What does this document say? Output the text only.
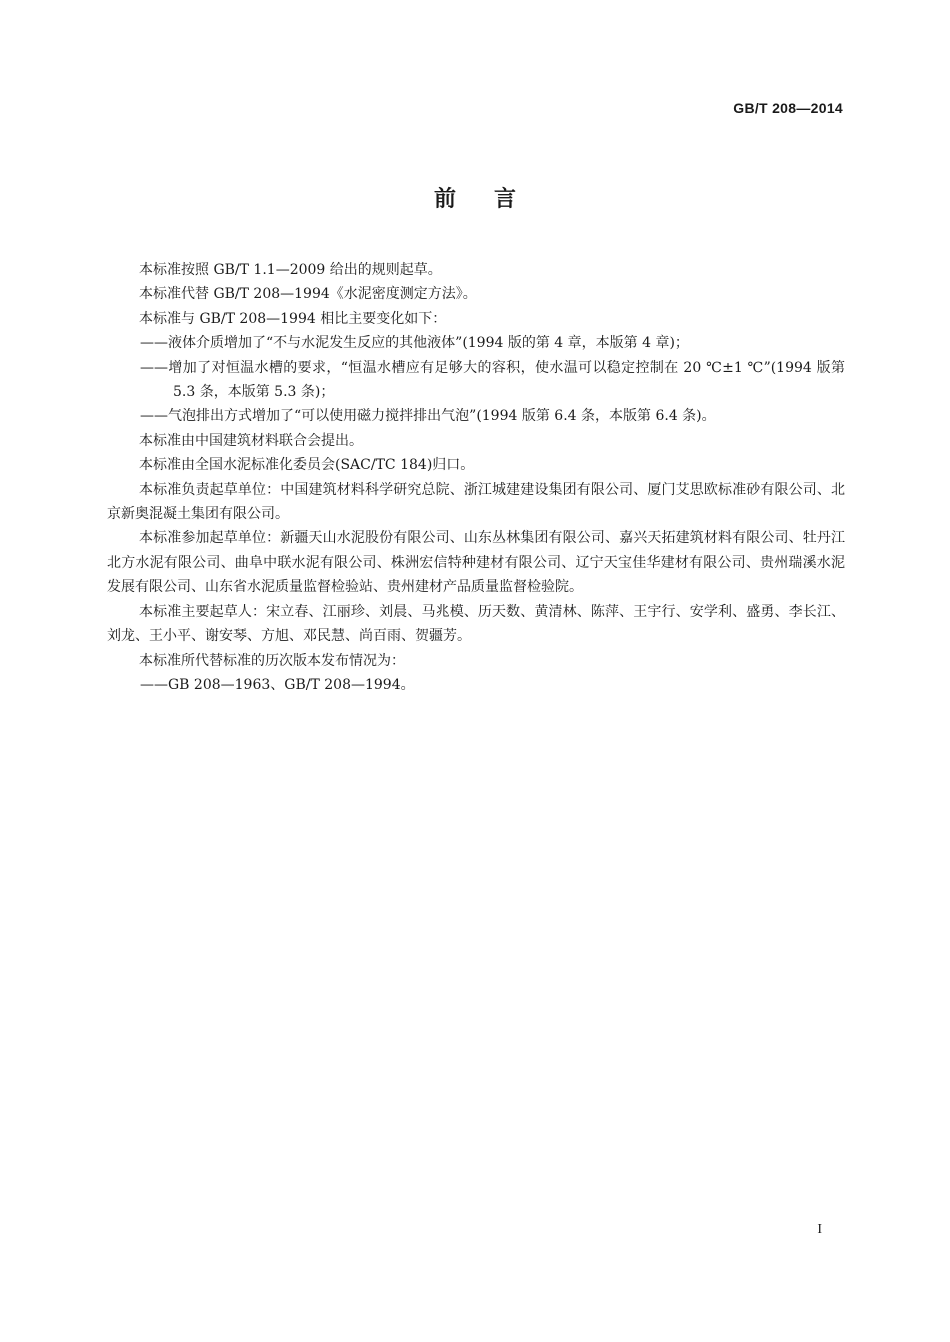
GB/T 208—2014
前言

本标准按照 GB/T 1.1—2009 给出的规则起草。

本标准代替 GB/T 208—1994《水泥密度测定方法》。

本标准与 GB/T 208—1994 相比主要变化如下：

——液体介质增加了“不与水泥发生反应的其他液体”(1994 版的第 4 章，本版第 4 章)；

——增加了对恒温水槽的要求，“恒温水槽应有足够大的容积，使水温可以稳定控制在 20 ℃±1 ℃”(1994 版第 5.3 条，本版第 5.3 条)；

——气泡排出方式增加了“可以使用磁力搅拌排出气泡”(1994 版第 6.4 条，本版第 6.4 条)。

本标准由中国建筑材料联合会提出。

本标准由全国水泥标准化委员会(SAC/TC 184)归口。

本标准负责起草单位：中国建筑材料科学研究总院、浙江城建建设集团有限公司、厦门艾思欧标准砂有限公司、北京新奥混凝土集团有限公司。

本标准参加起草单位：新疆天山水泥股份有限公司、山东丛林集团有限公司、嘉兴天拓建筑材料有限公司、牡丹江北方水泥有限公司、曲阜中联水泥有限公司、株洲宏信特种建材有限公司、辽宁天宝佳华建材有限公司、贵州瑞溪水泥发展有限公司、山东省水泥质量监督检验站、贵州建材产品质量监督检验院。

本标准主要起草人：宋立春、江丽珍、刘晨、马兆模、历天数、黄清林、陈萍、王宇行、安学利、盛勇、李长江、刘龙、王小平、谢安琴、方旭、邓民慧、尚百雨、贺疆芳。

本标准所代替标准的历次版本发布情况为：

——GB 208—1963、GB/T 208—1994。

I
